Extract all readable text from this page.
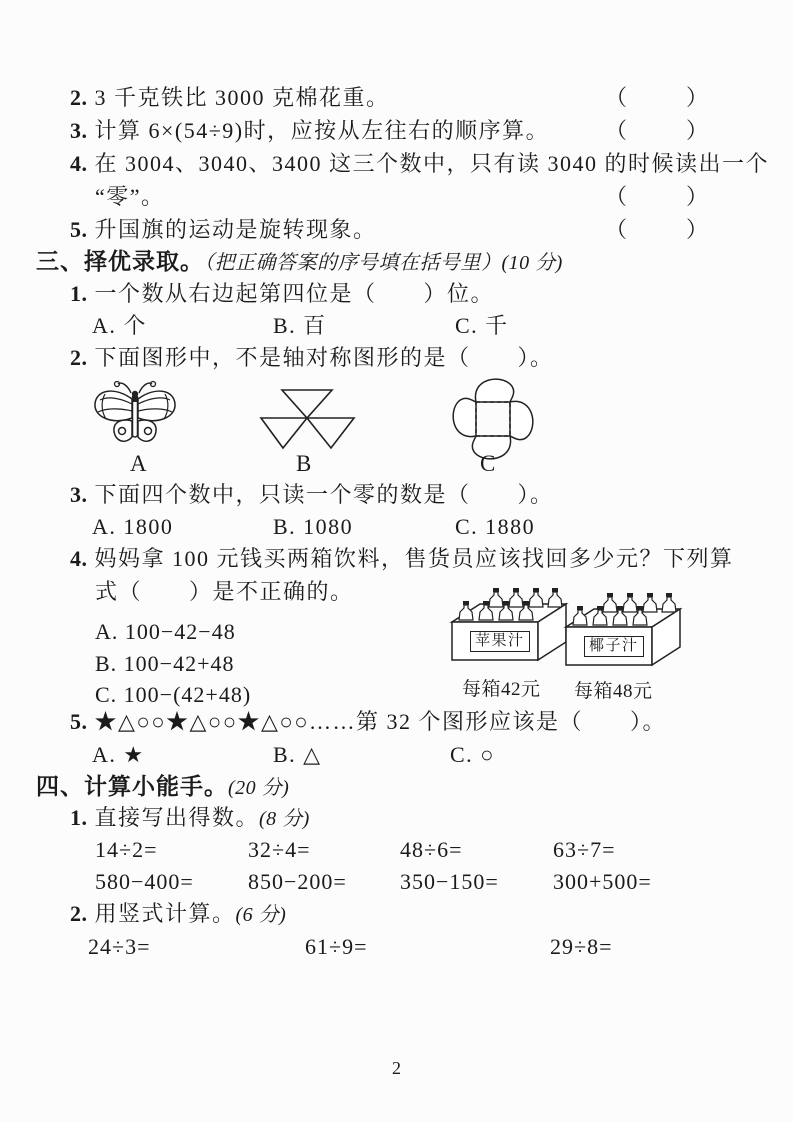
2. 3 千克铁比 3000 克棉花重。	（　　）
3. 计算 6×(54÷9)时，应按从左往右的顺序算。	（　　）
4. 在 3004、3040、3400 这三个数中，只有读 3040 的时候读出一个
“零”。	（　　）
5. 升国旗的运动是旋转现象。	（　　）
三、择优录取。（把正确答案的序号填在括号里）(10 分)
1. 一个数从右边起第四位是（　　）位。
A. 个	B. 百	C. 千
2. 下面图形中，不是轴对称图形的是（　　）。
A	B	C
3. 下面四个数中，只读一个零的数是（　　）。
A. 1800	B. 1080	C. 1880
4. 妈妈拿 100 元钱买两箱饮料，售货员应该找回多少元？下列算
式（　　）是不正确的。
A. 100−42−48
B. 100−42+48
C. 100−(42+48)
苹果汁	椰子汁
每箱42元 每箱48元
5. ★△○○★△○○★△○○……第 32 个图形应该是（　　）。
A. ★	B. △	C. ○
四、计算小能手。(20 分)
1. 直接写出得数。(8 分)
14÷2=	32÷4=	48÷6=	63÷7=
580−400= 850−200= 350−150= 300+500=
2. 用竖式计算。(6 分)
24÷3=	61÷9=	29÷8=
2
